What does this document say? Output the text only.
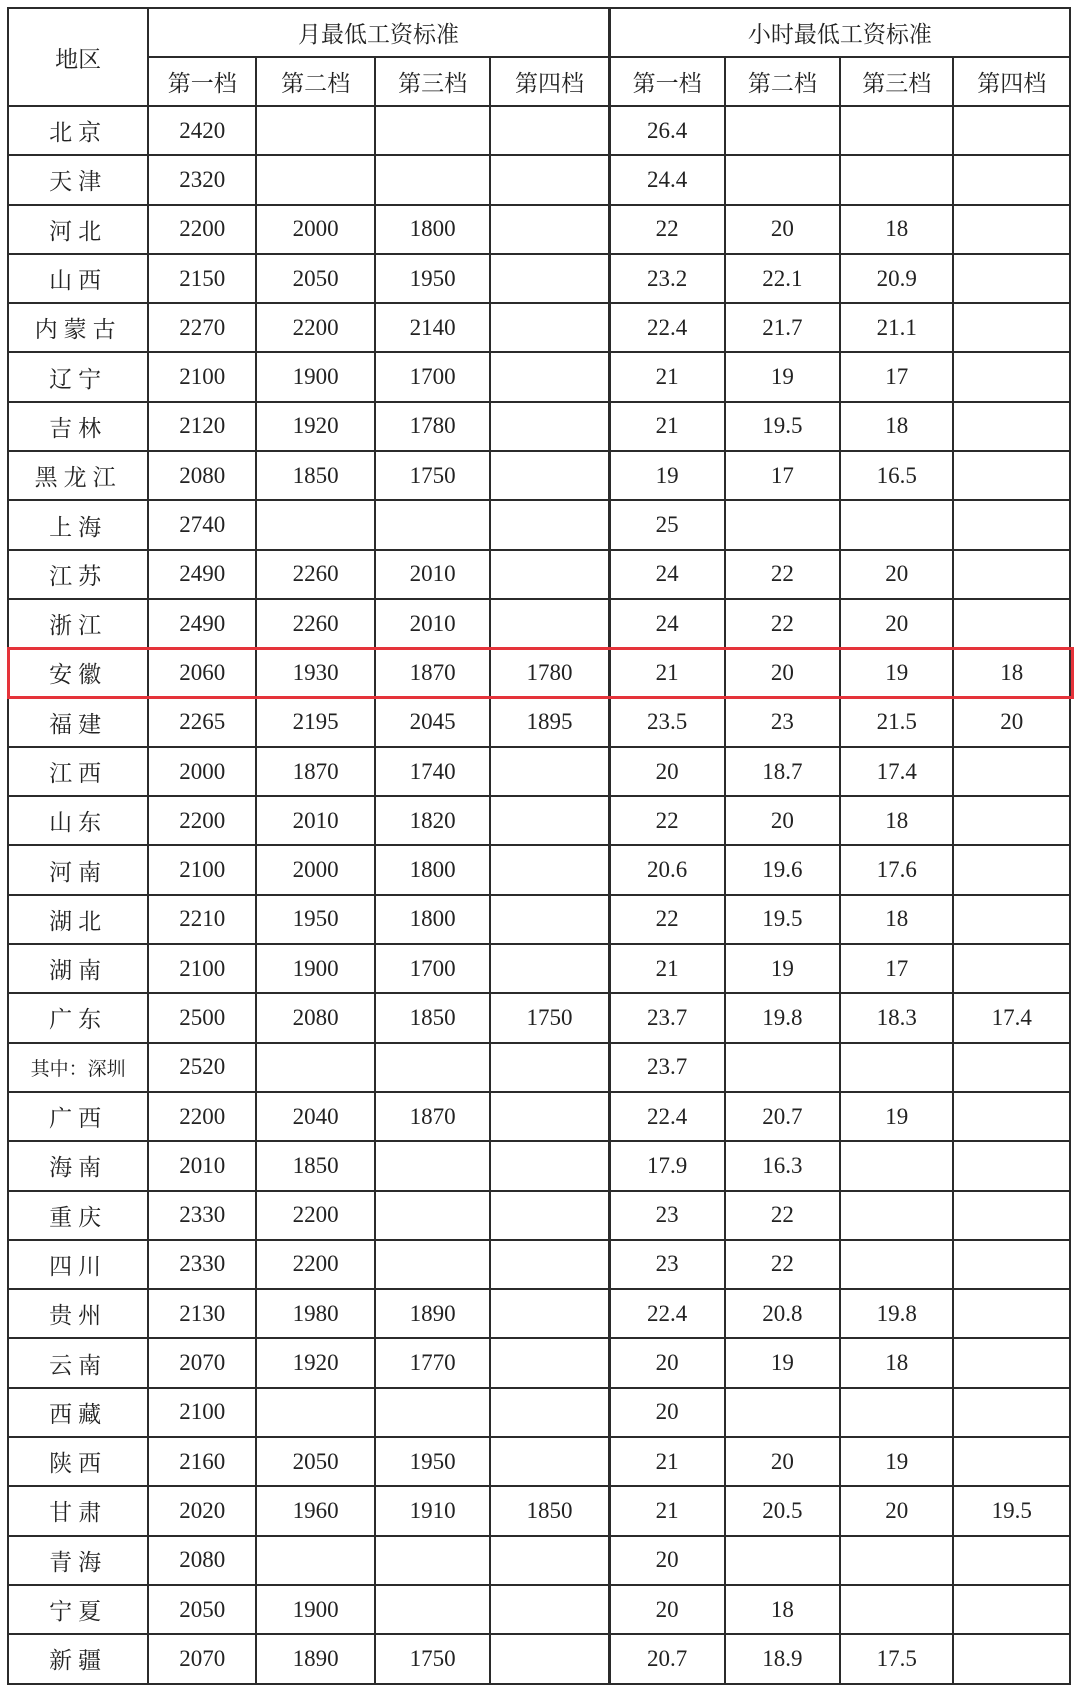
地区	月最低工资标准				小时最低工资标准			
	第一档	第二档	第三档	第四档	第一档	第二档	第三档	第四档
北京	2420				26.4			
天津	2320				24.4			
河北	2200	2000	1800		22	20	18	
山西	2150	2050	1950		23.2	22.1	20.9	
内蒙古	2270	2200	2140		22.4	21.7	21.1	
辽宁	2100	1900	1700		21	19	17	
吉林	2120	1920	1780		21	19.5	18	
黑龙江	2080	1850	1750		19	17	16.5	
上海	2740				25			
江苏	2490	2260	2010		24	22	20	
浙江	2490	2260	2010		24	22	20	
安徽	2060	1930	1870	1780	21	20	19	18
福建	2265	2195	2045	1895	23.5	23	21.5	20
江西	2000	1870	1740		20	18.7	17.4	
山东	2200	2010	1820		22	20	18	
河南	2100	2000	1800		20.6	19.6	17.6	
湖北	2210	1950	1800		22	19.5	18	
湖南	2100	1900	1700		21	19	17	
广东	2500	2080	1850	1750	23.7	19.8	18.3	17.4
其中：深圳	2520				23.7			
广西	2200	2040	1870		22.4	20.7	19	
海南	2010	1850			17.9	16.3		
重庆	2330	2200			23	22		
四川	2330	2200			23	22		
贵州	2130	1980	1890		22.4	20.8	19.8	
云南	2070	1920	1770		20	19	18	
西藏	2100				20			
陕西	2160	2050	1950		21	20	19	
甘肃	2020	1960	1910	1850	21	20.5	20	19.5
青海	2080				20			
宁夏	2050	1900			20	18		
新疆	2070	1890	1750		20.7	18.9	17.5	
